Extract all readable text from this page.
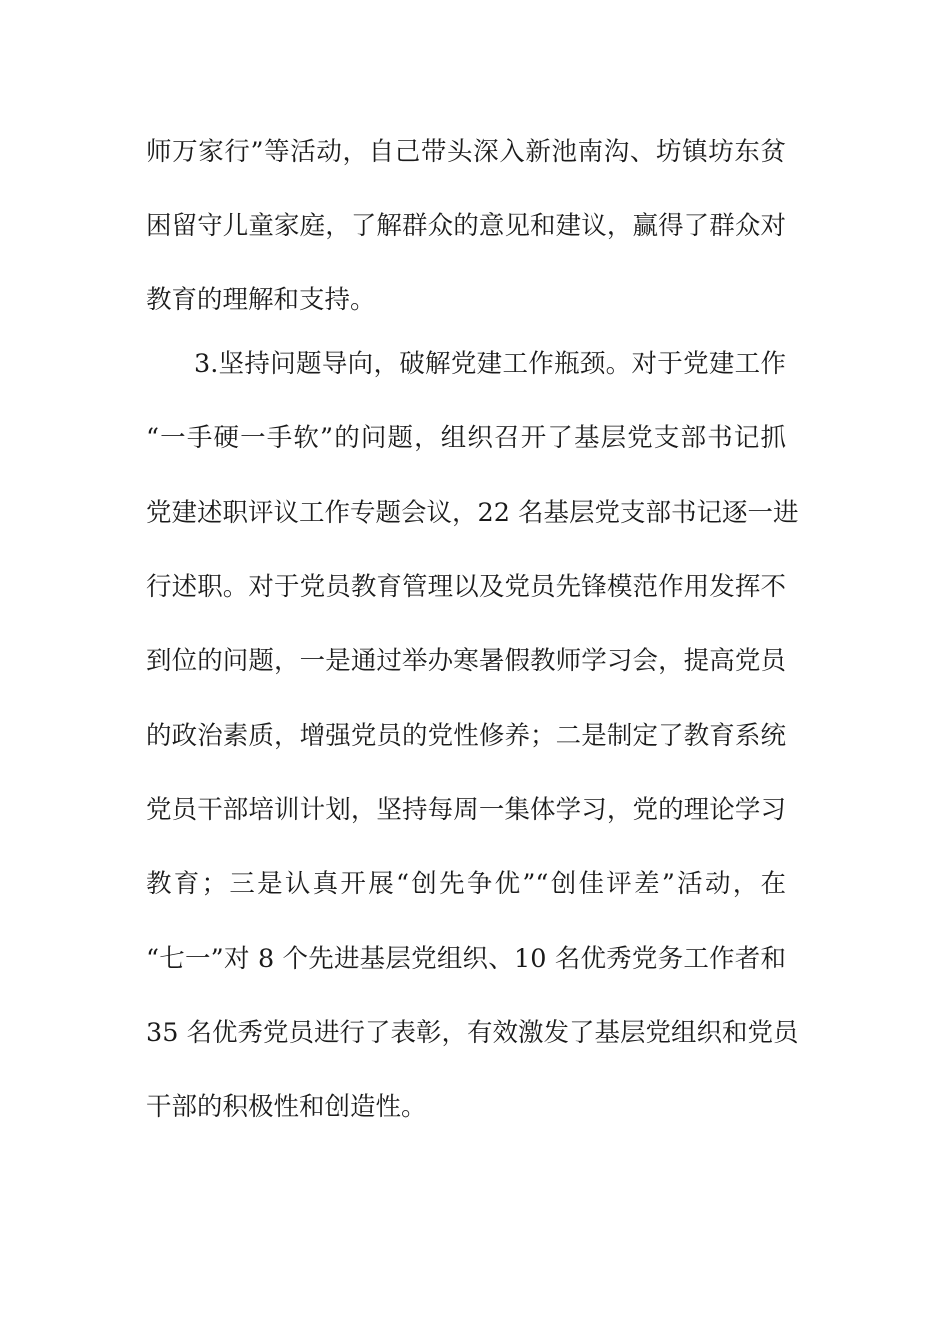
师万家行”等活动，自己带头深入新池南沟、坊镇坊东贫
困留守儿童家庭，了解群众的意见和建议，赢得了群众对
教育的理解和支持。
3.坚持问题导向，破解党建工作瓶颈。对于党建工作
“一手硬一手软”的问题，组织召开了基层党支部书记抓
党建述职评议工作专题会议，22 名基层党支部书记逐一进
行述职。对于党员教育管理以及党员先锋模范作用发挥不
到位的问题，一是通过举办寒暑假教师学习会，提高党员
的政治素质，增强党员的党性修养；二是制定了教育系统
党员干部培训计划，坚持每周一集体学习，党的理论学习
教育；三是认真开展“创先争优”“创佳评差”活动，在
“七一”对 8 个先进基层党组织、10 名优秀党务工作者和
35 名优秀党员进行了表彰，有效激发了基层党组织和党员
干部的积极性和创造性。
